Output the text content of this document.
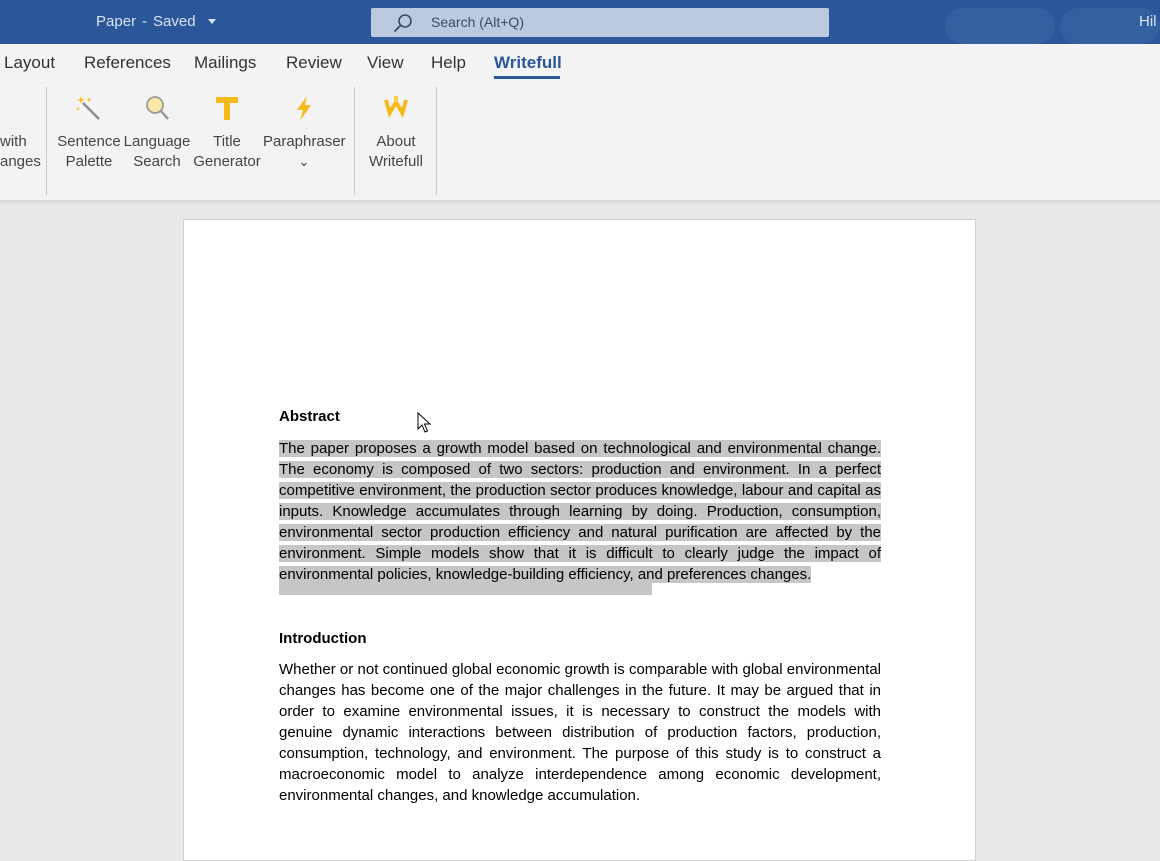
Paper - Saved	Search (Alt+Q)	Hil
Layout References Mailings Review View Help Writefull
with
anges
Sentence
Palette
Language
Search
Title
Generator
Paraphraser
⌄
About
Writefull
Abstract
The paper proposes a growth model based on technological and environmental change. The economy is composed of two sectors: production and environment. In a perfect competitive environment, the production sector produces knowledge, labour and capital as inputs. Knowledge accumulates through learning by doing. Production, consumption, environmental sector production efficiency and natural purification are affected by the environment. Simple models show that it is difficult to clearly judge the impact of environmental policies, knowledge-building efficiency, and preferences changes.
Introduction
Whether or not continued global economic growth is comparable with global environmental changes has become one of the major challenges in the future. It may be argued that in order to examine environmental issues, it is necessary to construct the models with genuine dynamic interactions between distribution of production factors, production, consumption, technology, and environment. The purpose of this study is to construct a macroeconomic model to analyze interdependence among economic development, environmental changes, and knowledge accumulation.
